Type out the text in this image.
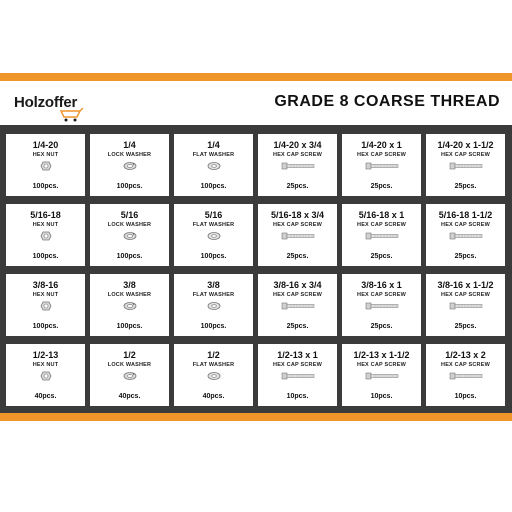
Holzoffer	GRADE 8 COARSE THREAD
1/4-20
HEX NUT
100pcs.
1/4
LOCK WASHER
100pcs.
1/4
FLAT WASHER
100pcs.
1/4-20 x 3/4
HEX CAP SCREW
25pcs.
1/4-20 x 1
HEX CAP SCREW
25pcs.
1/4-20 x 1-1/2
HEX CAP SCREW
25pcs.
5/16-18
HEX NUT
100pcs.
5/16
LOCK WASHER
100pcs.
5/16
FLAT WASHER
100pcs.
5/16-18 x 3/4
HEX CAP SCREW
25pcs.
5/16-18 x 1
HEX CAP SCREW
25pcs.
5/16-18 1-1/2
HEX CAP SCREW
25pcs.
3/8-16
HEX NUT
100pcs.
3/8
LOCK WASHER
100pcs.
3/8
FLAT WASHER
100pcs.
3/8-16 x 3/4
HEX CAP SCREW
25pcs.
3/8-16 x 1
HEX CAP SCREW
25pcs.
3/8-16 x 1-1/2
HEX CAP SCREW
25pcs.
1/2-13
HEX NUT
40pcs.
1/2
LOCK WASHER
40pcs.
1/2
FLAT WASHER
40pcs.
1/2-13 x 1
HEX CAP SCREW
10pcs.
1/2-13 x 1-1/2
HEX CAP SCREW
10pcs.
1/2-13 x 2
HEX CAP SCREW
10pcs.
